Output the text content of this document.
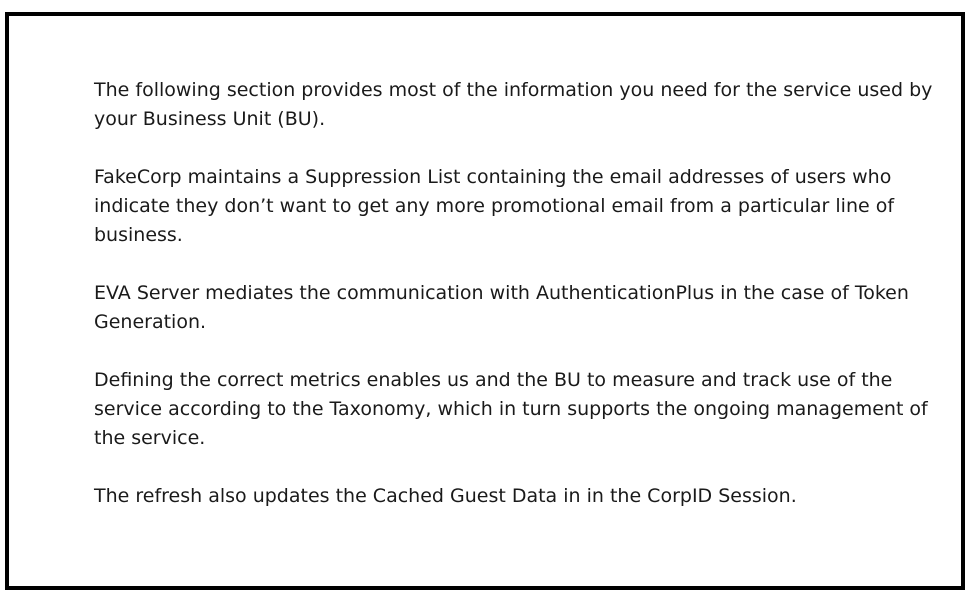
The following section provides most of the information you need for the service used by your Business Unit (BU).

FakeCorp maintains a Suppression List containing the email addresses of users who indicate they don’t want to get any more promotional email from a particular line of business.

EVA Server mediates the communication with AuthenticationPlus in the case of Token Generation.

Defining the correct metrics enables us and the BU to measure and track use of the service according to the Taxonomy, which in turn supports the ongoing management of the service.

The refresh also updates the Cached Guest Data in in the CorpID Session.
